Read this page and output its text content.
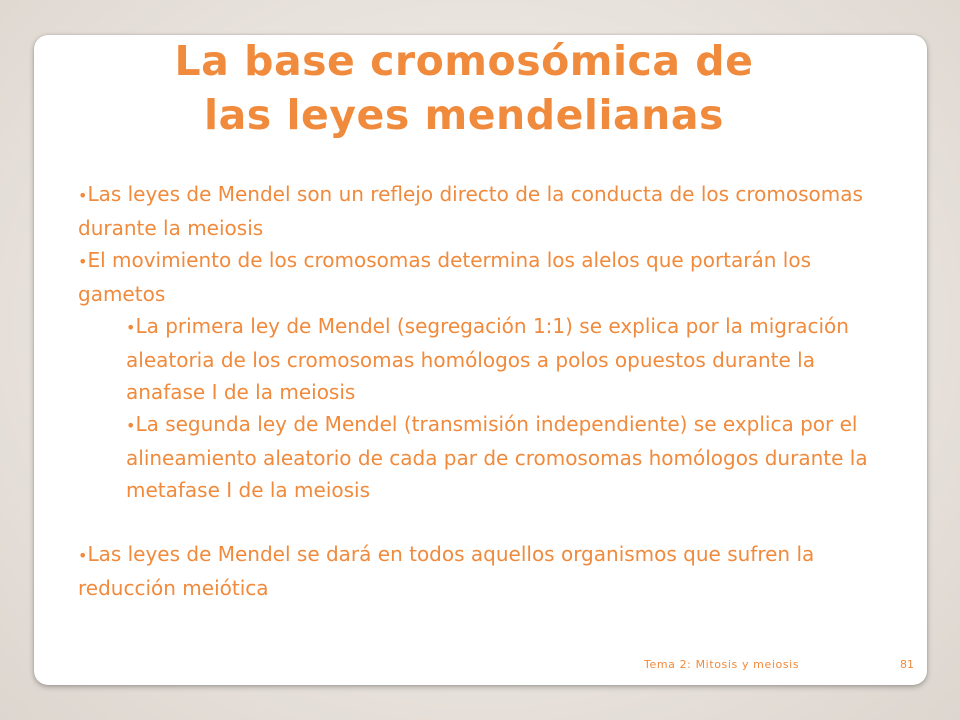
La base cromosómica de
las leyes mendelianas

•Las leyes de Mendel son un reflejo directo de la conducta de los cromosomas durante la meiosis

•El movimiento de los cromosomas determina los alelos que portarán los gametos

•La primera ley de Mendel (segregación 1:1) se explica por la migración aleatoria de los cromosomas homólogos a polos opuestos durante la anafase I de la meiosis

•La segunda ley de Mendel (transmisión independiente) se explica por el alineamiento aleatorio de cada par de cromosomas homólogos durante la metafase I de la meiosis

•Las leyes de Mendel se dará en todos aquellos organismos que sufren la reducción meiótica

Tema 2: Mitosis y meiosis	81
